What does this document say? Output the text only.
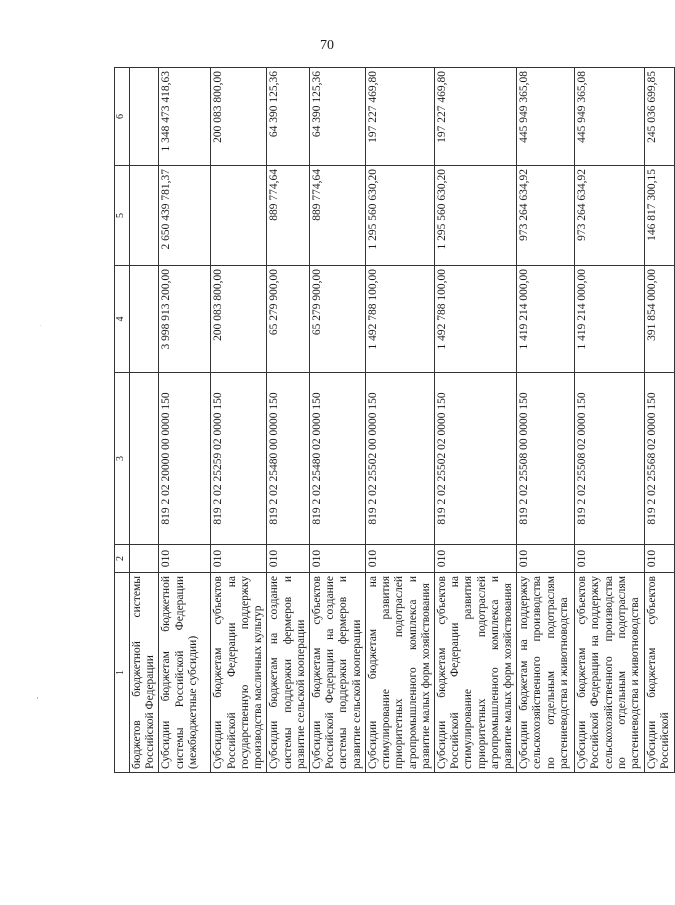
70
·
.
1	2	3	4	5	6
бюджетов бюджетной системы Российской Федерации					
Субсидии бюджетам бюджетной системы Российской Федерации (межбюджетные субсидии)	010	819 2 02 20000 00 0000 150	3 998 913 200,00	2 650 439 781,37	1 348 473 418,63
Субсидии бюджетам субъектов Российской Федерации на государственную поддержку производства масличных культур	010	819 2 02 25259 02 0000 150	200 083 800,00		200 083 800,00
Субсидии бюджетам на создание системы поддержки фермеров и развитие сельской кооперации	010	819 2 02 25480 00 0000 150	65 279 900,00	889 774,64	64 390 125,36
Субсидии бюджетам субъектов Российской Федерации на создание системы поддержки фермеров и развитие сельской кооперации	010	819 2 02 25480 02 0000 150	65 279 900,00	889 774,64	64 390 125,36
Субсидии бюджетам на стимулирование развития приоритетных подотраслей агропромышленного комплекса и развитие малых форм хозяйствования	010	819 2 02 25502 00 0000 150	1 492 788 100,00	1 295 560 630,20	197 227 469,80
Субсидии бюджетам субъектов Российской Федерации на стимулирование развития приоритетных подотраслей агропромышленного комплекса и развитие малых форм хозяйствования	010	819 2 02 25502 02 0000 150	1 492 788 100,00	1 295 560 630,20	197 227 469,80
Субсидии бюджетам на поддержку сельскохозяйственного производства по отдельным подотраслям растениеводства и животноводства	010	819 2 02 25508 00 0000 150	1 419 214 000,00	973 264 634,92	445 949 365,08
Субсидии бюджетам субъектов Российской Федерации на поддержку сельскохозяйственного производства по отдельным подотраслям растениеводства и животноводства	010	819 2 02 25508 02 0000 150	1 419 214 000,00	973 264 634,92	445 949 365,08
Субсидии бюджетам субъектов Российской	010	819 2 02 25568 02 0000 150	391 854 000,00	146 817 300,15	245 036 699,85
